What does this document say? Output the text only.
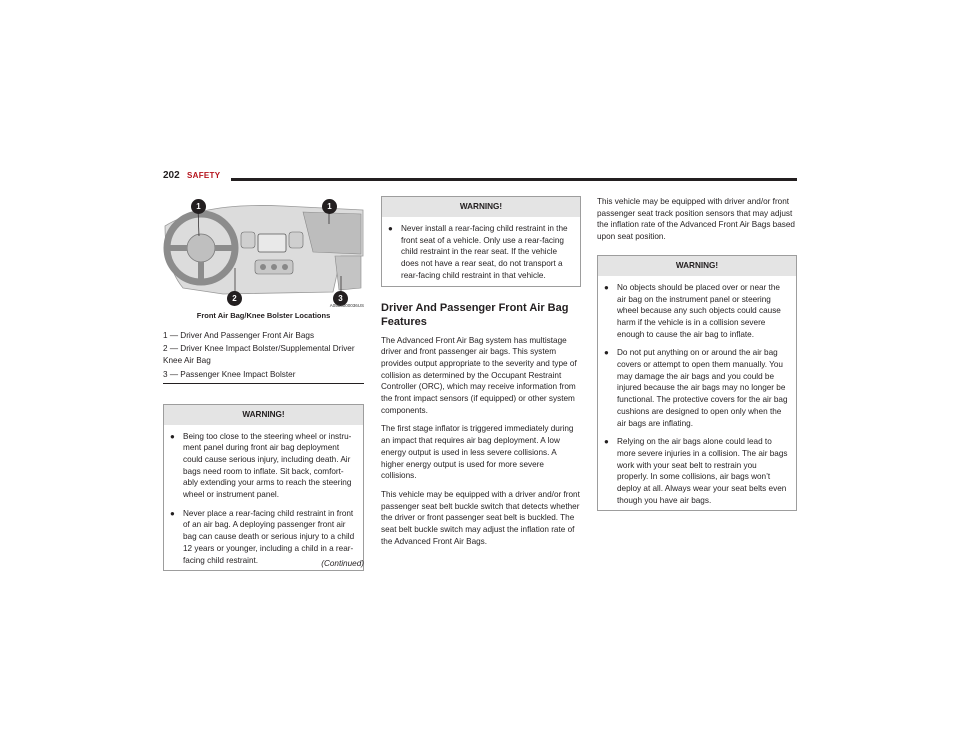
202 SAFETY
1	1
2	3
A0503000036US
Front Air Bag/Knee Bolster Locations

1 — Driver And Passenger Front Air Bags

2 — Driver Knee Impact Bolster/Supplemental Driver Knee Air Bag

3 — Passenger Knee Impact Bolster

WARNING!
● Being too close to the steering wheel or instru- ment panel during front air bag deployment could cause serious injury, including death. Air bags need room to inflate. Sit back, comfort- ably extending your arms to reach the steering wheel or instrument panel.
● Never place a rear-facing child restraint in front of an air bag. A deploying passenger front air bag can cause death or serious injury to a child 12 years or younger, including a child in a rear-facing child restraint.	(Continued)
WARNING!
● Never install a rear-facing child restraint in the front seat of a vehicle. Only use a rear-facing child restraint in the rear seat. If the vehicle does not have a rear seat, do not transport a rear-facing child restraint in that vehicle.
Driver And Passenger Front Air Bag Features

The Advanced Front Air Bag system has multistage driver and front passenger air bags. This system provides output appropriate to the severity and type of collision as determined by the Occupant Restraint Controller (ORC), which may receive information from the front impact sensors (if equipped) or other system components.

The first stage inflator is triggered immediately during an impact that requires air bag deployment. A low energy output is used in less severe collisions. A higher energy output is used for more severe collisions.

This vehicle may be equipped with a driver and/or front passenger seat belt buckle switch that detects whether the driver or front passenger seat belt is buckled. The seat belt buckle switch may adjust the inflation rate of the Advanced Front Air Bags.

This vehicle may be equipped with driver and/or front passenger seat track position sensors that may adjust the inflation rate of the Advanced Front Air Bags based upon seat position.

WARNING!
● No objects should be placed over or near the air bag on the instrument panel or steering wheel because any such objects could cause harm if the vehicle is in a collision severe enough to cause the air bag to inflate.
● Do not put anything on or around the air bag covers or attempt to open them manually. You may damage the air bags and you could be injured because the air bags may no longer be functional. The protective covers for the air bag cushions are designed to open only when the air bags are inflating.
● Relying on the air bags alone could lead to more severe injuries in a collision. The air bags work with your seat belt to restrain you properly. In some collisions, air bags won’t deploy at all. Always wear your seat belts even though you have air bags.
